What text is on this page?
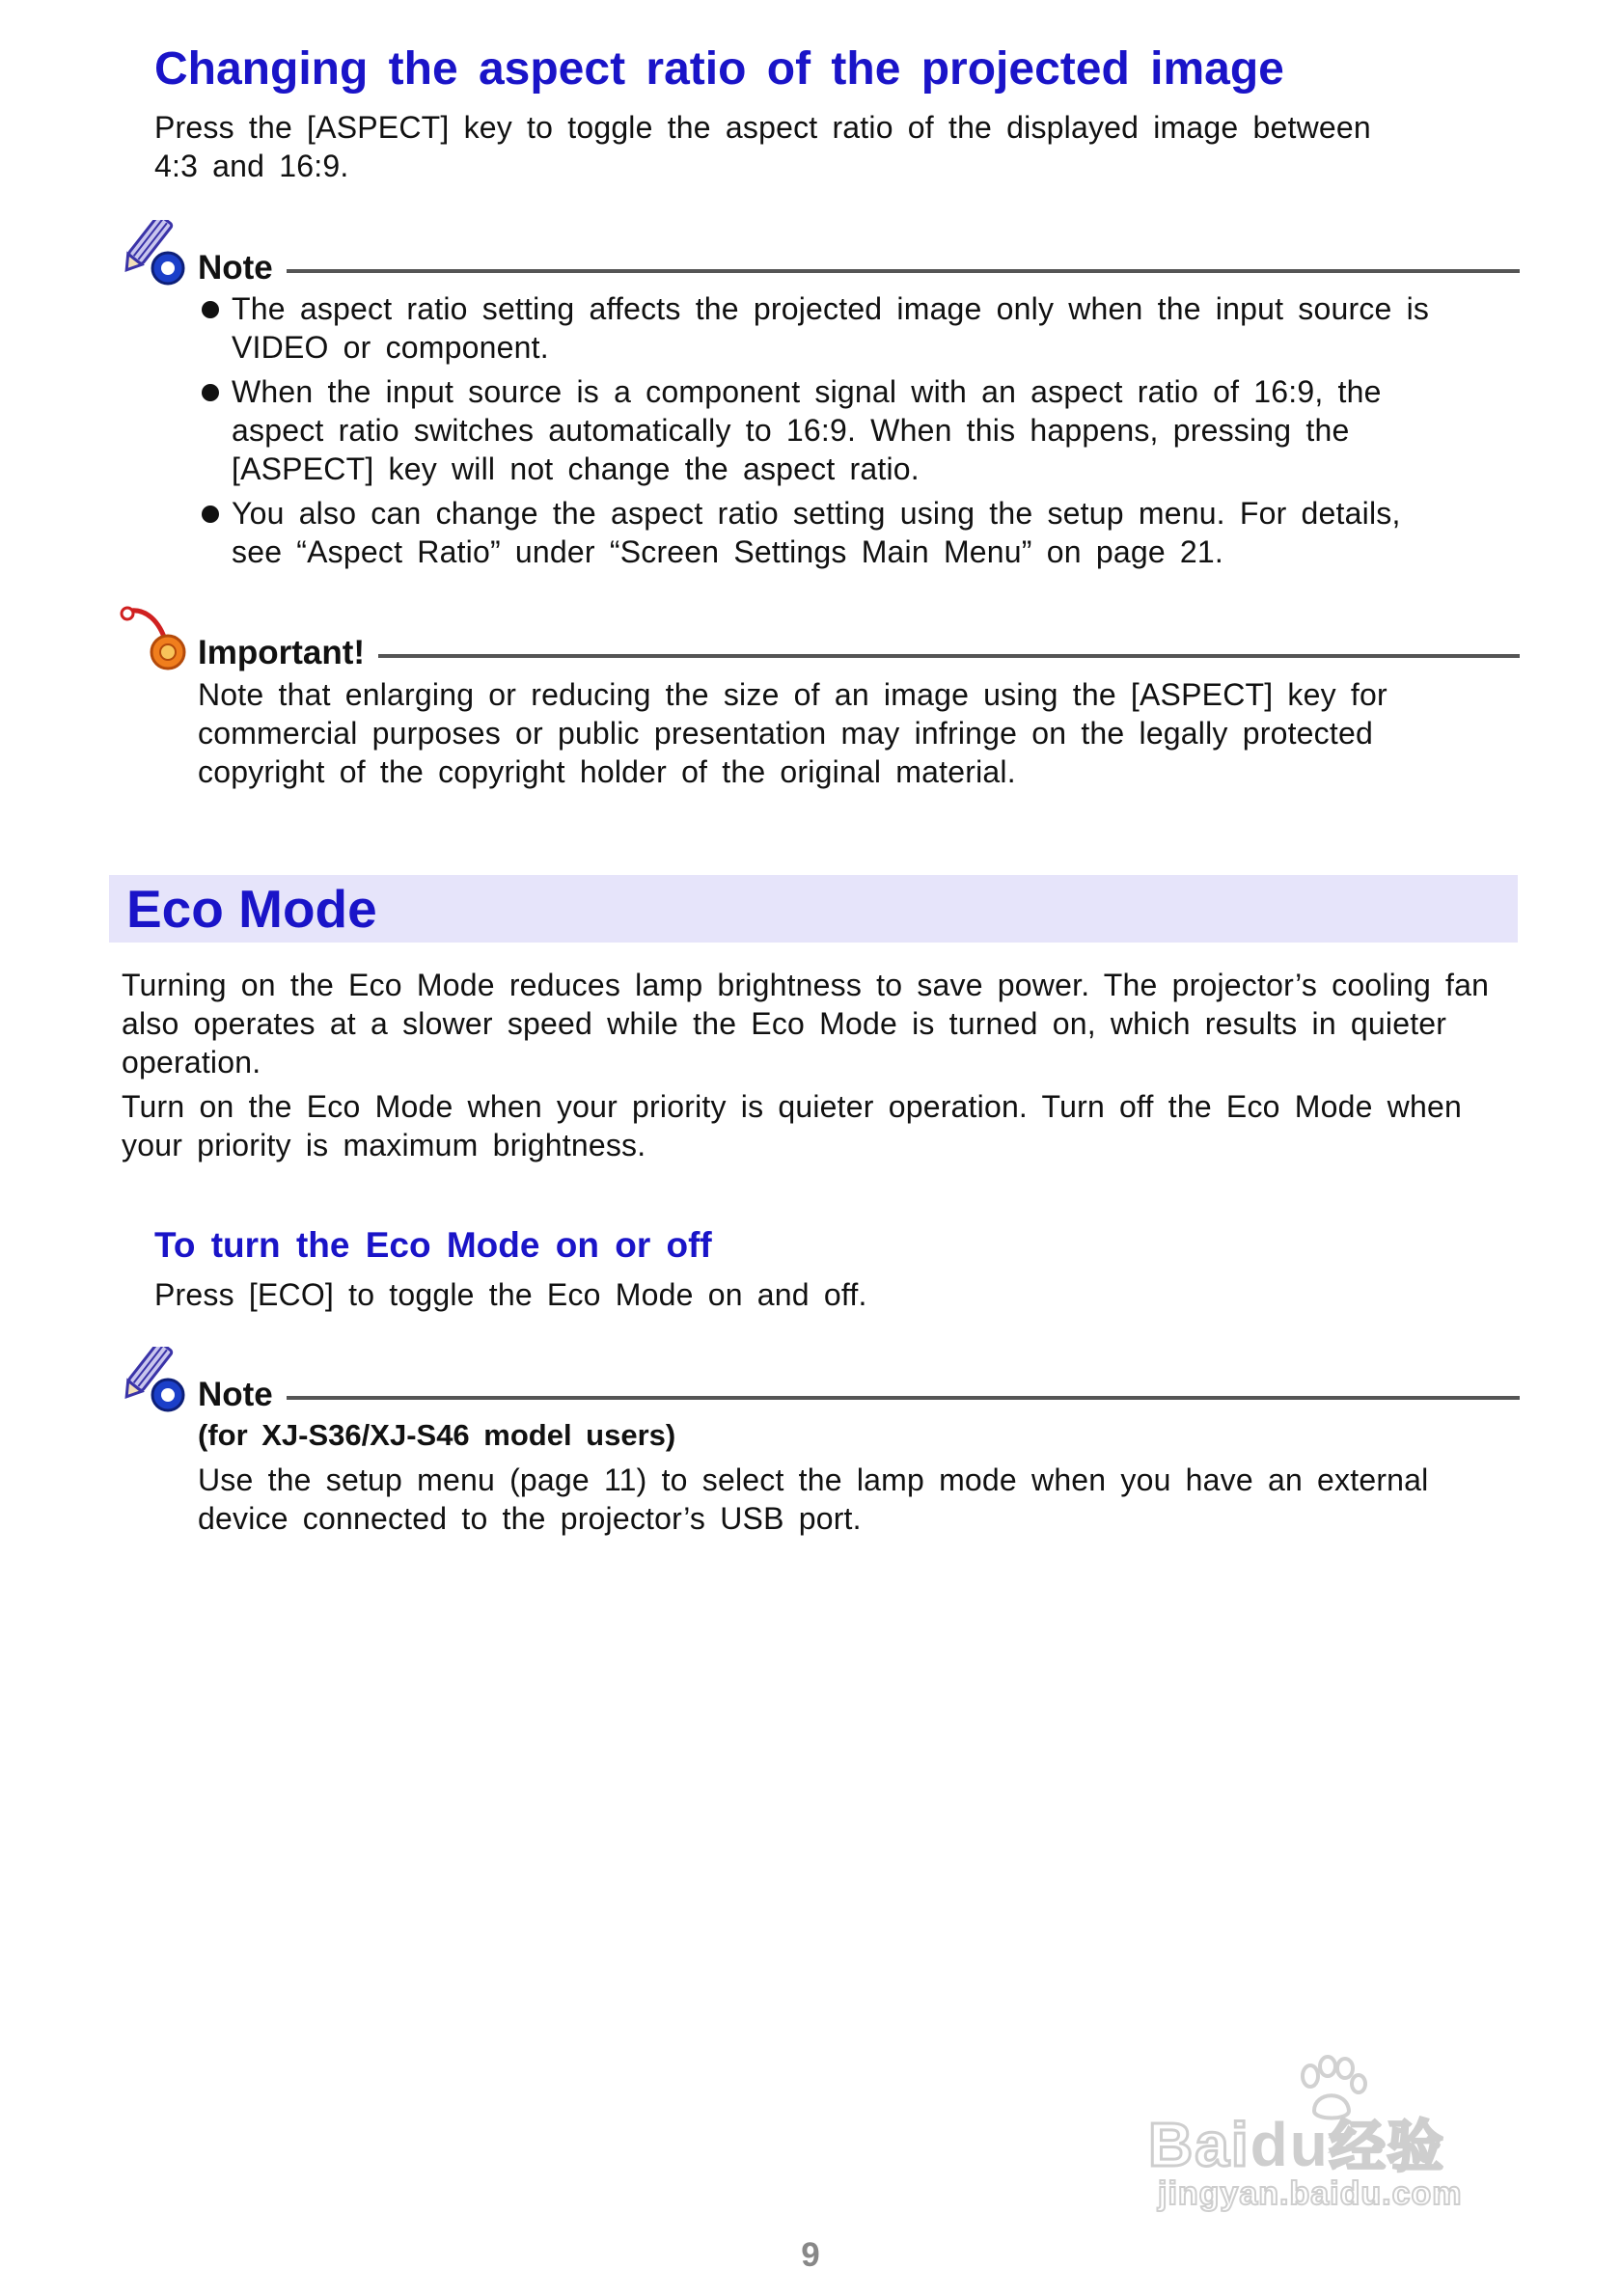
Changing the aspect ratio of the projected image
Press the [ASPECT] key to toggle the aspect ratio of the displayed image between 4:3 and 16:9.
Note
The aspect ratio setting affects the projected image only when the input source is VIDEO or component.
When the input source is a component signal with an aspect ratio of 16:9, the aspect ratio switches automatically to 16:9. When this happens, pressing the [ASPECT] key will not change the aspect ratio.
You also can change the aspect ratio setting using the setup menu. For details, see “Aspect Ratio” under “Screen Settings Main Menu” on page 21.
Important!
Note that enlarging or reducing the size of an image using the [ASPECT] key for commercial purposes or public presentation may infringe on the legally protected copyright of the copyright holder of the original material.
Eco Mode
Turning on the Eco Mode reduces lamp brightness to save power. The projector’s cooling fan also operates at a slower speed while the Eco Mode is turned on, which results in quieter operation.
Turn on the Eco Mode when your priority is quieter operation. Turn off the Eco Mode when your priority is maximum brightness.
To turn the Eco Mode on or off
Press [ECO] to toggle the Eco Mode on and off.
Note
(for XJ-S36/XJ-S46 model users)
Use the setup menu (page 11) to select the lamp mode when you have an external device connected to the projector’s USB port.
Baidu经验
jingyan.baidu.com
9
